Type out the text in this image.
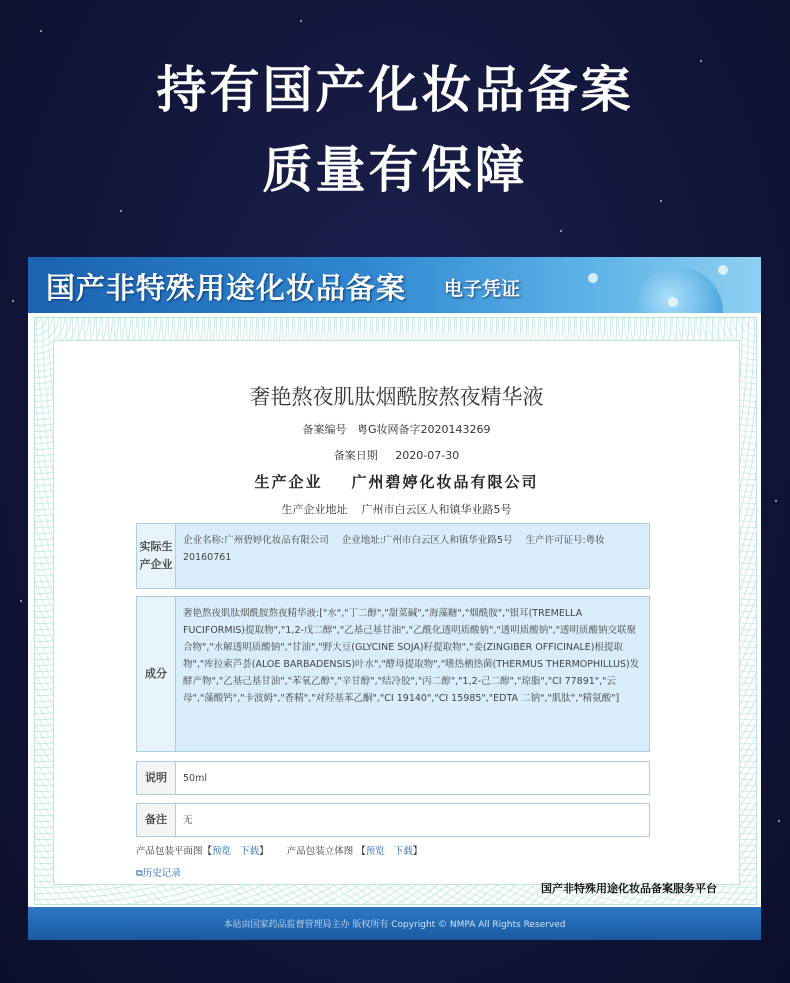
持有国产化妆品备案
质量有保障
国产非特殊用途化妆品备案 电子凭证
奢艳熬夜肌肽烟酰胺熬夜精华液
备案编号 粤G妆网备字2020143269
备案日期 2020-07-30
生产企业 广州碧婷化妆品有限公司
生产企业地址 广州市白云区人和镇华业路5号
实际生产企业
企业名称:广州碧婷化妆品有限公司 企业地址:广州市白云区人和镇华业路5号 生产许可证号:粤妆20160761
成分
奢艳熬夜肌肽烟酰胺熬夜精华液:["水","丁二醇","甜菜碱","海藻糖","烟酰胺","银耳(TREMELLA FUCIFORMIS)提取物","1,2-戊二醇","乙基己基甘油","乙酰化透明质酸钠","透明质酸钠","透明质酸钠交联聚合物","水解透明质酸钠","甘油","野大豆(GLYCINE SOJA)籽提取物","姜(ZINGIBER OFFICINALE)根提取物","库拉索芦荟(ALOE BARBADENSIS)叶水","酵母提取物","嗜热栖热菌(THERMUS THERMOPHILLUS)发酵产物","乙基己基甘油","苯氧乙醇","辛甘醇","结冷胶","丙二醇","1,2-己二醇","琼脂","CI 77891","云母","藻酸钙","卡波姆","香精","对羟基苯乙酮","CI 19140","CI 15985","EDTA 二钠","肌肽","精氨酸"]
说明	50ml
备注	无
产品包装平面图【预览 下载】 产品包装立体图 【预览 下载】
⧉历史记录
国产非特殊用途化妆品备案服务平台
本站由国家药品监督管理局主办 版权所有 Copyright © NMPA All Rights Reserved
